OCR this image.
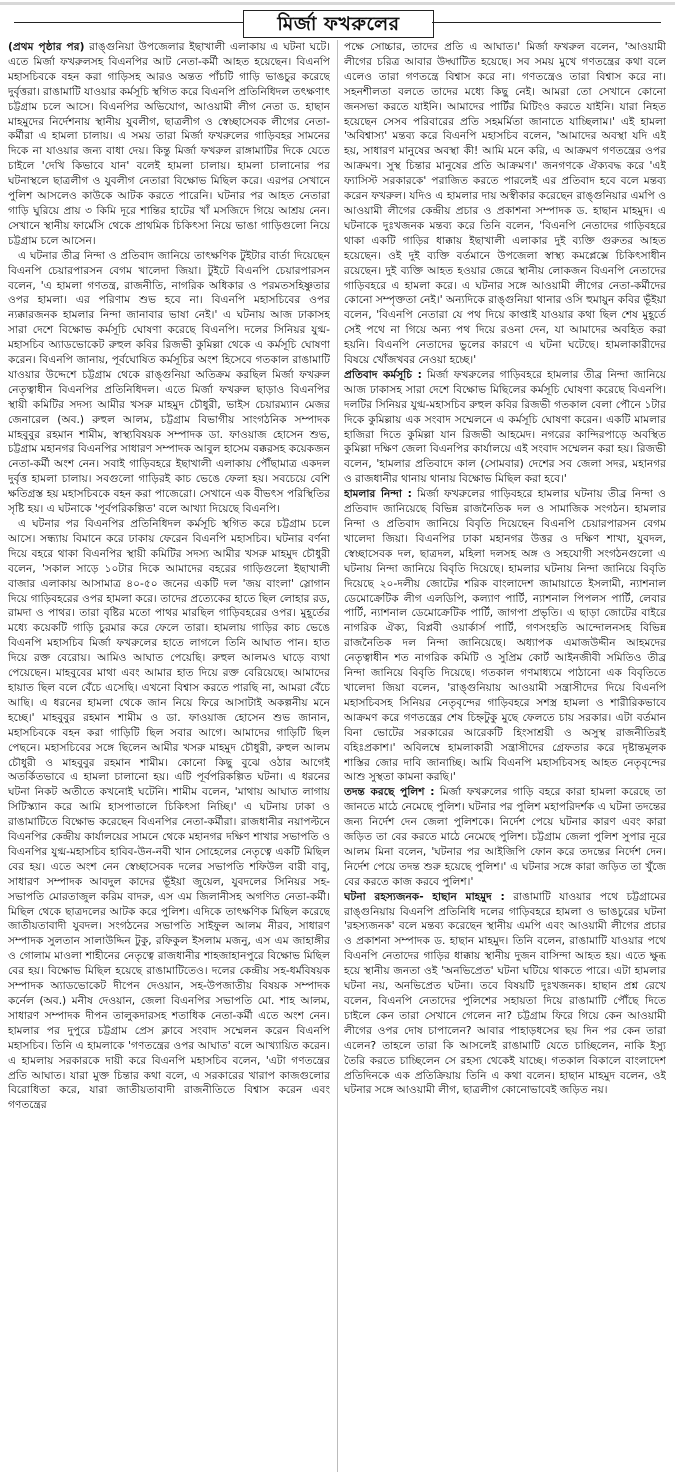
মির্জা ফখরুলের

(প্রথম পৃষ্ঠার পর) রাঙ্গুনিয়া উপজেলার ইছাখালী এলাকায় এ ঘটনা ঘটে। এতে মির্জা ফখরুলসহ বিএনপির আট নেতা-কর্মী আহত হয়েছেন। বিএনপি মহাসচিবকে বহন করা গাড়িসহ আরও অন্তত পাঁচটি গাড়ি ভাঙচুর করেছে দুর্বৃত্তরা। রাঙামাটি যাওয়ার কর্মসূচি স্থগিত করে বিএনপি প্রতিনিধিদল তৎক্ষণাৎ চট্টগ্রাম চলে আসে। বিএনপির অভিযোগ, আওয়ামী লীগ নেতা ড. হাছান মাহমুদের নির্দেশনায় স্থানীয় যুবলীগ, ছাত্রলীগ ও স্বেচ্ছাসেবক লীগের নেতা-কর্মীরা এ হামলা চালায়। এ সময় তারা মির্জা ফখরুলের গাড়িবহর সামনের দিকে না যাওয়ার জন্য বাধা দেয়। কিন্তু মির্জা ফখরুল রাঙ্গামাটির দিকে যেতে চাইলে 'দেখি কিভাবে যান' বলেই হামলা চালায়। হামলা চালানোর পর ঘটনাস্থলে ছাত্রলীগ ও যুবলীগ নেতারা বিক্ষোভ মিছিল করে। এরপর সেখানে পুলিশ আসলেও কাউকে আটক করতে পারেনি। ঘটনার পর আহত নেতারা গাড়ি ঘুরিয়ে প্রায় ৩ কিমি দূরে শান্তির হাটের খাঁ মসজিদে গিয়ে আশ্রয় নেন। সেখানে স্থানীয় ফার্মেসি থেকে প্রাথমিক চিকিৎসা নিয়ে ভাঙা গাড়িগুলো নিয়ে চট্টগ্রাম চলে আসেন।

এ ঘটনার তীব্র নিন্দা ও প্রতিবাদ জানিয়ে তাৎক্ষণিক টুইটার বার্তা দিয়েছেন বিএনপি চেয়ারপারসন বেগম খালেদা জিয়া। টুইটে বিএনপি চেয়ারপারসন বলেন, 'এ হামলা গণতন্ত্র, রাজনীতি, নাগরিক অধিকার ও পরমতসহিষ্ণুতার ওপর হামলা। এর পরিণাম শুভ হবে না। বিএনপি মহাসচিবের ওপর ন্যক্কারজনক হামলার নিন্দা জানাবার ভাষা নেই।' এ ঘটনায় আজ ঢাকাসহ সারা দেশে বিক্ষোভ কর্মসূচি ঘোষণা করেছে বিএনপি। দলের সিনিয়র যুগ্ম-মহাসচিব অ্যাডভোকেট রুহুল কবির রিজভী কুমিল্লা থেকে এ কর্মসূচি ঘোষণা করেন। বিএনপি জানায়, পূর্বঘোষিত কর্মসূচির অংশ হিসেবে গতকাল রাঙামাটি যাওয়ার উদ্দেশে চট্টগ্রাম থেকে রাঙ্গুনিয়া অতিক্রম করছিল মির্জা ফখরুল নেতৃত্বাধীন বিএনপির প্রতিনিধিদল। এতে মির্জা ফখরুল ছাড়াও বিএনপির স্থায়ী কমিটির সদস্য আমীর খসরু মাহমুদ চৌধুরী, ভাইস চেয়ারম্যান মেজর জেনারেল (অব.) রুহুল আলম, চট্টগ্রাম বিভাগীয় সাংগঠনিক সম্পাদক মাহবুবুর রহমান শামীম, স্বাস্থ্যবিষয়ক সম্পাদক ডা. ফাওয়াজ হোসেন শুভ, চট্টগ্রাম মহানগর বিএনপির সাধারণ সম্পাদক আবুল হাসেম বক্করসহ কয়েকজন নেতা-কর্মী অংশ নেন। সবাই গাড়িবহরে ইছাখালী এলাকায় পৌঁছামাত্র একদল দুর্বৃত্ত হামলা চালায়। সবগুলো গাড়িরই কাচ ভেঙে ফেলা হয়। সবচেয়ে বেশি ক্ষতিগ্রস্ত হয় মহাসচিবকে বহন করা পাজেরো। সেখানে এক বীভৎস পরিস্থিতির সৃষ্টি হয়। এ ঘটনাকে 'পূর্বপরিকল্পিত' বলে আখ্যা দিয়েছে বিএনপি।

এ ঘটনার পর বিএনপির প্রতিনিধিদল কর্মসূচি স্থগিত করে চট্টগ্রাম চলে আসে। সন্ধ্যায় বিমানে করে ঢাকায় ফেরেন বিএনপি মহাসচিব। ঘটনার বর্ণনা দিয়ে বহরে থাকা বিএনপির স্থায়ী কমিটির সদস্য আমীর খসরু মাহমুদ চৌধুরী বলেন, 'সকাল সাড়ে ১০টার দিকে আমাদের বহরের গাড়িগুলো ইছাখালী বাজার এলাকায় আসামাত্র ৪০-৫০ জনের একটি দল 'জয় বাংলা' স্লোগান দিয়ে গাড়িবহরের ওপর হামলা করে। তাদের প্রত্যেকের হাতে ছিল লোহার রড, রামদা ও পাথর। তারা বৃষ্টির মতো পাথর মারছিল গাড়িবহরের ওপর। মুহূর্তের মধ্যে কয়েকটি গাড়ি চুরমার করে ফেলে তারা। হামলায় গাড়ির কাচ ভেঙে বিএনপি মহাসচিব মির্জা ফখরুলের হাতে লাগলে তিনি আঘাত পান। হাত দিয়ে রক্ত বেরোয়। আমিও আঘাত পেয়েছি। রুহুল আলমও ঘাড়ে ব্যথা পেয়েছেন। মাহবুবের মাথা এবং আমার হাত দিয়ে রক্ত বেরিয়েছে। আমাদের হায়াত ছিল বলে বেঁচে এসেছি। এখনো বিশ্বাস করতে পারছি না, আমরা বেঁচে আছি। এ ধরনের হামলা থেকে জান নিয়ে ফিরে আসাটাই অকল্পনীয় মনে হচ্ছে।' মাহবুবুর রহমান শামীম ও ডা. ফাওয়াজ হোসেন শুভ জানান, মহাসচিবকে বহন করা গাড়িটি ছিল সবার আগে। আমাদের গাড়িটি ছিল পেছনে। মহাসচিবের সঙ্গে ছিলেন আমীর খসরু মাহমুদ চৌধুরী, রুহুল আলম চৌধুরী ও মাহবুবুর রহমান শামীম। কোনো কিছু বুঝে ওঠার আগেই অতর্কিতভাবে এ হামলা চালানো হয়। এটি পূর্বপরিকল্পিত ঘটনা। এ ধরনের ঘটনা নিকট অতীতে কখনোই ঘটেনি। শামীম বলেন, 'মাথায় আঘাত লাগায় সিটিস্ক্যান করে আমি হাসপাতালে চিকিৎসা নিচ্ছি।' এ ঘটনায় ঢাকা ও রাঙামাটিতে বিক্ষোভ করেছেন বিএনপির নেতা-কর্মীরা। রাজধানীর নয়াপল্টনে বিএনপির কেন্দ্রীয় কার্যালয়ের সামনে থেকে মহানগর দক্ষিণ শাখার সভাপতি ও বিএনপির যুগ্ম-মহাসচিব হাবিব-উন-নবী খান সোহেলের নেতৃত্বে একটি মিছিল বের হয়। এতে অংশ নেন স্বেচ্ছাসেবক দলের সভাপতি শফিউল বারী বাবু, সাধারণ সম্পাদক আবদুল কাদের ভূঁইয়া জুয়েল, যুবদলের সিনিয়র সহ-সভাপতি মোরতাজুল করিম বাদরু, এস এম জিলানীসহ অগণিত নেতা-কর্মী। মিছিল থেকে ছাত্রদলের আটক করে পুলিশ। এদিকে তাৎক্ষণিক মিছিল করেছে জাতীয়তাবাদী যুবদল। সংগঠনের সভাপতি সাইফুল আলম নীরব, সাধারণ সম্পাদক সুলতান সালাউদ্দিন টুকু, রফিকুল ইসলাম মজনু, এস এম জাহাঙ্গীর ও গোলাম মাওলা শাহীনের নেতৃত্বে রাজধানীর শাহজাহানপুরে বিক্ষোভ মিছিল বের হয়। বিক্ষোভ মিছিল হয়েছে রাঙামাটিতেও। দলের কেন্দ্রীয় সহ-ধর্মবিষয়ক সম্পাদক অ্যাডভোকেট দীপেন দেওয়ান, সহ-উপজাতীয় বিষয়ক সম্পাদক কর্নেল (অব.) মনীষ দেওয়ান, জেলা বিএনপির সভাপতি মো. শাহ আলম, সাধারণ সম্পাদক দীপন তালুকদারসহ শতাধিক নেতা-কর্মী এতে অংশ নেন। হামলার পর দুপুরে চট্টগ্রাম প্রেস ক্লাবে সংবাদ সম্মেলন করেন বিএনপি মহাসচিব। তিনি এ হামলাকে 'গণতন্ত্রের ওপর আঘাত' বলে আখ্যায়িত করেন। এ হামলায় সরকারকে দায়ী করে বিএনপি মহাসচিব বলেন, 'এটা গণতন্ত্রের প্রতি আঘাত। যারা মুক্ত চিন্তার কথা বলে, এ সরকারের খারাপ কাজগুলোর বিরোধিতা করে, যারা জাতীয়তাবাদী রাজনীতিতে বিশ্বাস করেন এবং গণতন্ত্রের

পক্ষে সোচ্চার, তাদের প্রতি এ আঘাত।' মির্জা ফখরুল বলেন, 'আওয়ামী লীগের চরিত্র আবার উদ্ঘাটিত হয়েছে। সব সময় মুখে গণতন্ত্রের কথা বলে এলেও তারা গণতন্ত্রে বিশ্বাস করে না। গণতন্ত্রেও তারা বিশ্বাস করে না। সহনশীলতা বলতে তাদের মধ্যে কিছু নেই। আমরা তো সেখানে কোনো জনসভা করতে যাইনি। আমাদের পার্টির মিটিংও করতে যাইনি। যারা নিহত হয়েছেন সেসব পরিবারের প্রতি সহমর্মিতা জানাতে যাচ্ছিলাম।' এই হামলা 'অবিশ্বাস্য' মন্তব্য করে বিএনপি মহাসচিব বলেন, 'আমাদের অবস্থা যদি এই হয়, সাধারণ মানুষের অবস্থা কী! আমি মনে করি, এ আক্রমণ গণতন্ত্রের ওপর আক্রমণ। সুস্থ চিন্তার মানুষের প্রতি আক্রমণ।' জনগণকে ঐক্যবদ্ধ করে 'এই ফ্যাসিস্ট সরকারকে' পরাজিত করতে পারলেই এর প্রতিবাদ হবে বলে মন্তব্য করেন ফখরুল। যদিও এ হামলার দায় অস্বীকার করেছেন রাঙ্গুনিয়ার এমপি ও আওয়ামী লীগের কেন্দ্রীয় প্রচার ও প্রকাশনা সম্পাদক ড. হাছান মাহমুদ। এ ঘটনাকে দুঃখজনক মন্তব্য করে তিনি বলেন, 'বিএনপি নেতাদের গাড়িবহরে থাকা একটি গাড়ির ধাক্কায় ইছাখালী এলাকার দুই ব্যক্তি গুরুতর আহত হয়েছেন। ওই দুই ব্যক্তি বর্তমানে উপজেলা স্বাস্থ্য কমপ্লেক্সে চিকিৎসাধীন রয়েছেন। দুই ব্যক্তি আহত হওয়ার জেরে স্থানীয় লোকজন বিএনপি নেতাদের গাড়িবহরে এ হামলা করে। এ ঘটনার সঙ্গে আওয়ামী লীগের নেতা-কর্মীদের কোনো সম্পৃক্ততা নেই।' অন্যদিকে রাঙ্গুনিয়া থানার ওসি হুমায়ুন কবির ভূঁইয়া বলেন, 'বিএনপি নেতারা যে পথ দিয়ে কাপ্তাই যাওয়ার কথা ছিল শেষ মুহূর্তে সেই পথে না গিয়ে অন্য পথ দিয়ে রওনা দেন, যা আমাদের অবহিত করা হয়নি। বিএনপি নেতাদের ভুলের কারণে এ ঘটনা ঘটেছে। হামলাকারীদের বিষয়ে খোঁজখবর নেওয়া হচ্ছে।'

প্রতিবাদ কর্মসূচি : মির্জা ফখরুলের গাড়িবহরে হামলার তীব্র নিন্দা জানিয়ে আজ ঢাকাসহ সারা দেশে বিক্ষোভ মিছিলের কর্মসূচি ঘোষণা করেছে বিএনপি। দলটির সিনিয়র যুগ্ম-মহাসচিব রুহুল কবির রিজভী গতকাল বেলা পৌনে ১টার দিকে কুমিল্লায় এক সংবাদ সম্মেলনে এ কর্মসূচি ঘোষণা করেন। একটি মামলার হাজিরা দিতে কুমিল্লা যান রিজভী আহমেদ। নগরের কান্দিরপাড়ে অবস্থিত কুমিল্লা দক্ষিণ জেলা বিএনপির কার্যালয়ে এই সংবাদ সম্মেলন করা হয়। রিজভী বলেন, 'হামলার প্রতিবাদে কাল (সোমবার) দেশের সব জেলা সদর, মহানগর ও রাজধানীর থানায় থানায় বিক্ষোভ মিছিল করা হবে।'

হামলার নিন্দা : মির্জা ফখরুলের গাড়িবহরে হামলার ঘটনায় তীব্র নিন্দা ও প্রতিবাদ জানিয়েছে বিভিন্ন রাজনৈতিক দল ও সামাজিক সংগঠন। হামলার নিন্দা ও প্রতিবাদ জানিয়ে বিবৃতি দিয়েছেন বিএনপি চেয়ারপারসন বেগম খালেদা জিয়া। বিএনপির ঢাকা মহানগর উত্তর ও দক্ষিণ শাখা, যুবদল, স্বেচ্ছাসেবক দল, ছাত্রদল, মহিলা দলসহ অঙ্গ ও সহযোগী সংগঠনগুলো এ ঘটনায় নিন্দা জানিয়ে বিবৃতি দিয়েছে। হামলার ঘটনায় নিন্দা জানিয়ে বিবৃতি দিয়েছে ২০-দলীয় জোটের শরিক বাংলাদেশ জামায়াতে ইসলামী, ন্যাশনাল ডেমোক্রেটিক লীগ এলডিপি, কল্যাণ পার্টি, ন্যাশনাল পিপলস পার্টি, লেবার পার্টি, ন্যাশনাল ডেমোক্রেটিক পার্টি, জাগপা প্রভৃতি। এ ছাড়া জোটের বাইরে নাগরিক ঐক্য, বিপ্লবী ওয়ার্কার্স পার্টি, গণসংহতি আন্দোলনসহ বিভিন্ন রাজনৈতিক দল নিন্দা জানিয়েছে। অধ্যাপক এমাজউদ্দীন আহমদের নেতৃত্বাধীন শত নাগরিক কমিটি ও সুপ্রিম কোর্ট আইনজীবী সমিতিও তীব্র নিন্দা জানিয়ে বিবৃতি দিয়েছে। গতকাল গণমাধ্যমে পাঠানো এক বিবৃতিতে খালেদা জিয়া বলেন, 'রাঙ্গুনিয়ায় আওয়ামী সন্ত্রাসীদের দিয়ে বিএনপি মহাসচিবসহ সিনিয়র নেতৃবৃন্দের গাড়িবহরে সশস্ত্র হামলা ও শারীরিকভাবে আক্রমণ করে গণতন্ত্রের শেষ চিহ্নটুকু মুছে ফেলতে চায় সরকার। এটা বর্তমান বিনা ভোটের সরকারের আরেকটি হিংসাশ্রয়ী ও অসুস্থ রাজনীতিরই বহিঃপ্রকাশ।' অবিলম্বে হামলাকারী সন্ত্রাসীদের গ্রেফতার করে দৃষ্টান্তমূলক শাস্তির জোর দাবি জানাচ্ছি। আমি বিএনপি মহাসচিবসহ আহত নেতৃবৃন্দের আশু সুস্থতা কামনা করছি।'

তদন্ত করছে পুলিশ : মির্জা ফখরুলের গাড়ি বহরে কারা হামলা করেছে তা জানতে মাঠে নেমেছে পুলিশ। ঘটনার পর পুলিশ মহাপরিদর্শক এ ঘটনা তদন্তের জন্য নির্দেশ দেন জেলা পুলিশকে। নির্দেশ পেয়ে ঘটনার কারণ এবং কারা জড়িত তা বের করতে মাঠে নেমেছে পুলিশ। চট্টগ্রাম জেলা পুলিশ সুপার নূরে আলম মিনা বলেন, 'ঘটনার পর আইজিপি ফোন করে তদন্তের নির্দেশ দেন। নির্দেশ পেয়ে তদন্ত শুরু হয়েছে পুলিশ।' এ ঘটনার সঙ্গে কারা জড়িত তা খুঁজে বের করতে কাজ করবে পুলিশ।'

ঘটনা রহস্যজনক- হাছান মাহমুদ : রাঙামাটি যাওয়ার পথে চট্টগ্রামের রাঙ্গুনিয়ায় বিএনপি প্রতিনিধি দলের গাড়িবহরে হামলা ও ভাঙচুরের ঘটনা 'রহস্যজনক' বলে মন্তব্য করেছেন স্থানীয় এমপি এবং আওয়ামী লীগের প্রচার ও প্রকাশনা সম্পাদক ড. হাছান মাহমুদ। তিনি বলেন, রাঙামাটি যাওয়ার পথে বিএনপি নেতাদের গাড়ির ধাক্কায় স্থানীয় দুজন বাসিন্দা আহত হয়। এতে ক্ষুব্ধ হয়ে স্থানীয় জনতা ওই 'অনভিপ্রেত' ঘটনা ঘটিয়ে থাকতে পারে। এটা হামলার ঘটনা নয়, অনভিপ্রেত ঘটনা। তবে বিষয়টি দুঃখজনক। হাছান প্রশ্ন রেখে বলেন, বিএনপি নেতাদের পুলিশের সহায়তা দিয়ে রাঙামাটি পৌঁছে দিতে চাইলে কেন তারা সেখানে গেলেন না? চট্টগ্রাম ফিরে গিয়ে কেন আওয়ামী লীগের ওপর দোষ চাপালেন? আবার পাহাড়ধসের ছয় দিন পর কেন তারা এলেন? তাহলে তারা কি আসলেই রাঙামাটি যেতে চাচ্ছিলেন, নাকি ইস্যু তৈরি করতে চাচ্ছিলেন সে রহস্য থেকেই যাচ্ছে। গতকাল বিকালে বাংলাদেশ প্রতিদিনকে এক প্রতিক্রিয়ায় তিনি এ কথা বলেন। হাছান মাহমুদ বলেন, ওই ঘটনার সঙ্গে আওয়ামী লীগ, ছাত্রলীগ কোনোভাবেই জড়িত নয়।
